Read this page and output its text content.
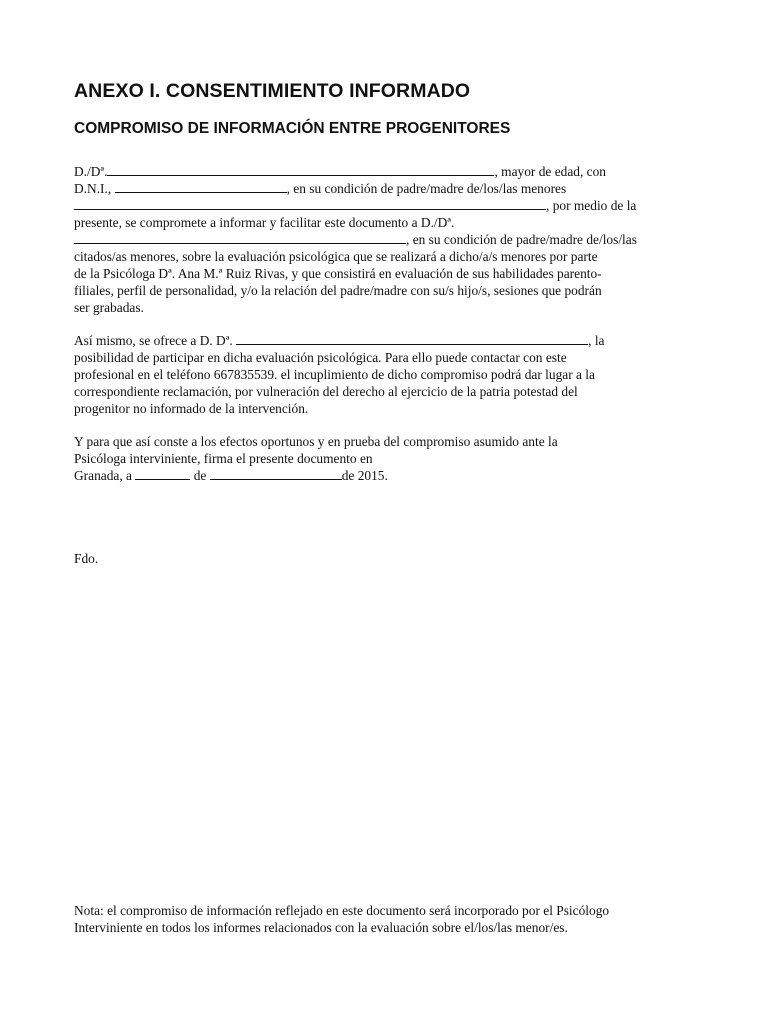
ANEXO I. CONSENTIMIENTO INFORMADO
COMPROMISO DE INFORMACIÓN ENTRE PROGENITORES
D./Dª.	, mayor de edad, con
D.N.I.,	, en su condición de padre/madre de/los/las menores
, por medio de la
presente, se compromete a informar y facilitar este documento a D./Dª.
, en su condición de padre/madre de/los/las
citados/as menores, sobre la evaluación psicológica que se realizará a dicho/a/s menores por parte
de la Psicóloga Dª. Ana M.ª Ruiz Rivas, y que consistirá en evaluación de sus habilidades parento-
filiales, perfil de personalidad, y/o la relación del padre/madre con su/s hijo/s, sesiones que podrán
ser grabadas.
Así mismo, se ofrece a D. Dª.	, la
posibilidad de participar en dicha evaluación psicológica. Para ello puede contactar con este
profesional en el teléfono 667835539. el incuplimiento de dicho compromiso podrá dar lugar a la
correspondiente reclamación, por vulneración del derecho al ejercicio de la patria potestad del
progenitor no informado de la intervención.
Y para que así conste a los efectos oportunos y en prueba del compromiso asumido ante la
Psicóloga interviniente, firma el presente documento en
Granada, a	de	de 2015.
Fdo.
Nota: el compromiso de información reflejado en este documento será incorporado por el Psicólogo
Interviniente en todos los informes relacionados con la evaluación sobre el/los/las menor/es.
